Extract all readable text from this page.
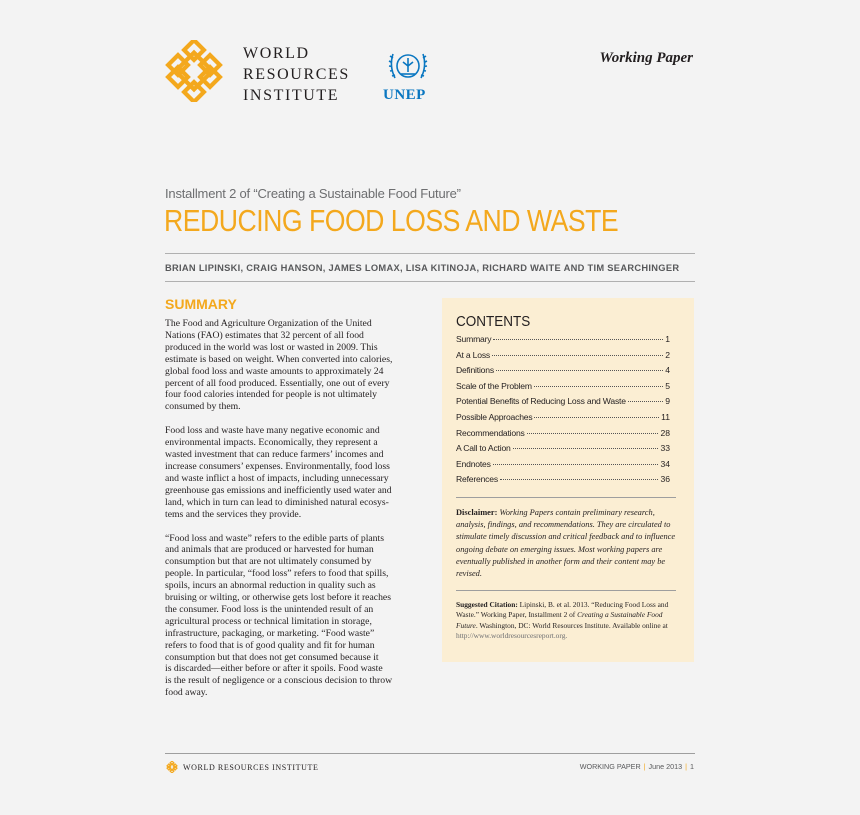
WORLD
RESOURCES
INSTITUTE	UNEP
Working Paper
Installment 2 of “Creating a Sustainable Food Future”
REDUCING FOOD LOSS AND WASTE
BRIAN LIPINSKI, CRAIG HANSON, JAMES LOMAX, LISA KITINOJA, RICHARD WAITE AND TIM SEARCHINGER
SUMMARY

The Food and Agriculture Organization of the United
Nations (FAO) estimates that 32 percent of all food
produced in the world was lost or wasted in 2009. This
estimate is based on weight. When converted into calories,
global food loss and waste amounts to approximately 24
percent of all food produced. Essentially, one out of every
four food calories intended for people is not ultimately
consumed by them.

Food loss and waste have many negative economic and
environmental impacts. Economically, they represent a
wasted investment that can reduce farmers’ incomes and
increase consumers’ expenses. Environmentally, food loss
and waste inflict a host of impacts, including unnecessary
greenhouse gas emissions and inefficiently used water and
land, which in turn can lead to diminished natural ecosys-
tems and the services they provide.

“Food loss and waste” refers to the edible parts of plants
and animals that are produced or harvested for human
consumption but that are not ultimately consumed by
people. In particular, “food loss” refers to food that spills,
spoils, incurs an abnormal reduction in quality such as
bruising or wilting, or otherwise gets lost before it reaches
the consumer. Food loss is the unintended result of an
agricultural process or technical limitation in storage,
infrastructure, packaging, or marketing. “Food waste”
refers to food that is of good quality and fit for human
consumption but that does not get consumed because it
is discarded—either before or after it spoils. Food waste
is the result of negligence or a conscious decision to throw
food away.

CONTENTS
Summary	1
At a Loss	2
Definitions	4
Scale of the Problem	5
Potential Benefits of Reducing Loss and Waste	9
Possible Approaches	11
Recommendations	28
A Call to Action	33
Endnotes	34
References	36
Disclaimer: Working Papers contain preliminary research, analysis, findings, and recommendations. They are circulated to stimulate timely discussion and critical feedback and to influence ongoing debate on emerging issues. Most working papers are eventually published in another form and their content may be revised.
Suggested Citation: Lipinski, B. et al. 2013. “Reducing Food Loss and Waste.” Working Paper, Installment 2 of Creating a Sustainable Food Future. Washington, DC: World Resources Institute. Available online at
http://www.worldresourcesreport.org.
WORLD RESOURCES INSTITUTE	WORKING PAPER | June 2013 | 1
